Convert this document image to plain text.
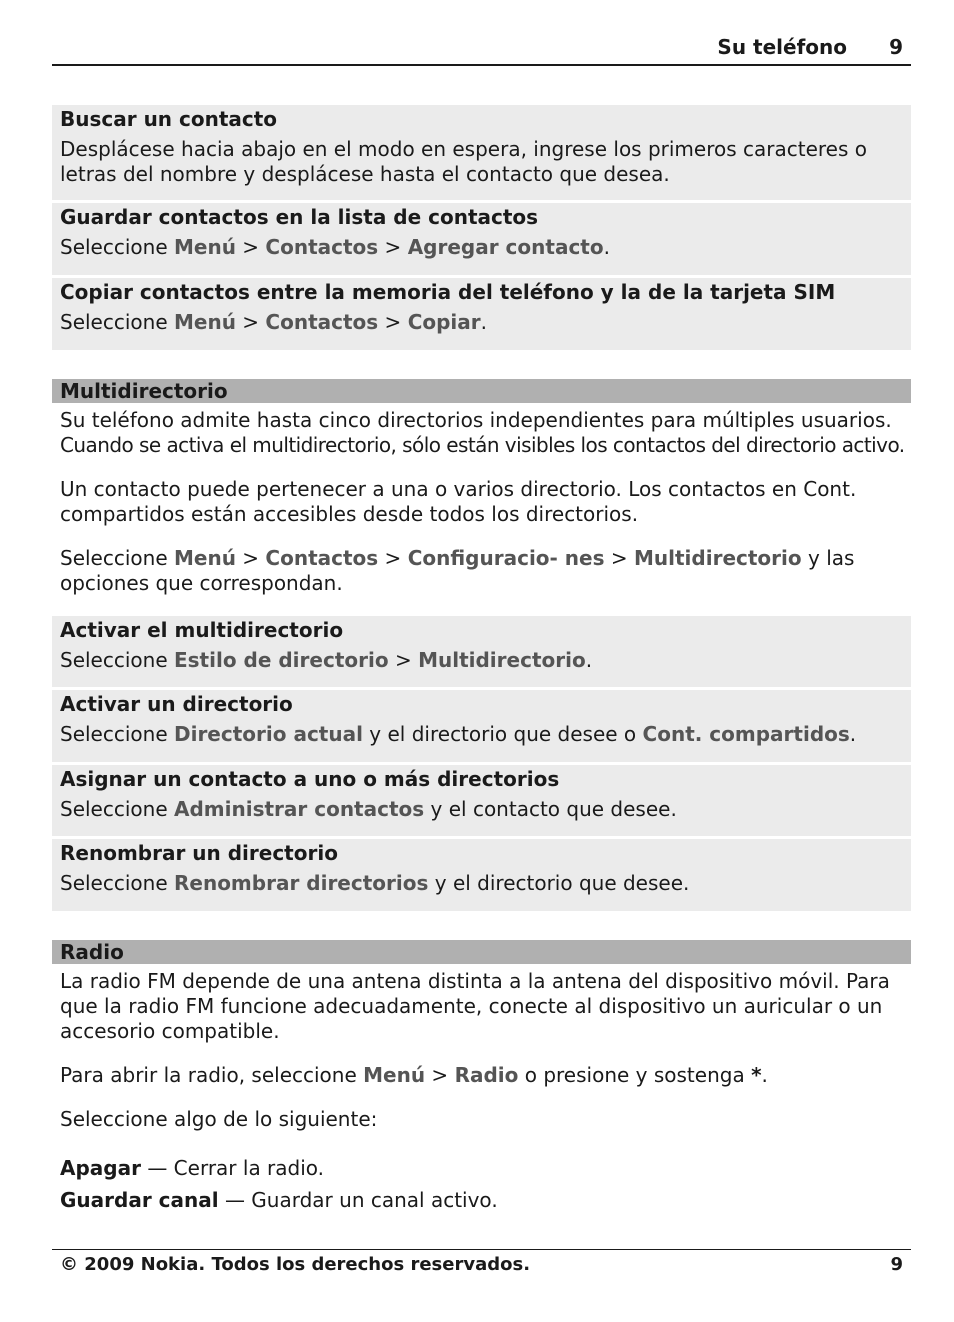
Su teléfono 9
Buscar un contacto
Desplácese hacia abajo en el modo en espera, ingrese los primeros caracteres o letras del nombre y desplácese hasta el contacto que desea.
Guardar contactos en la lista de contactos
Seleccione Menú > Contactos > Agregar contacto.
Copiar contactos entre la memoria del teléfono y la de la tarjeta SIM
Seleccione Menú > Contactos > Copiar.
Multidirectorio
Su teléfono admite hasta cinco directorios independientes para múltiples usuarios.
Cuando se activa el multidirectorio, sólo están visibles los contactos del directorio activo.
Un contacto puede pertenecer a una o varios directorio. Los contactos en Cont. compartidos están accesibles desde todos los directorios.
Seleccione Menú > Contactos > Configuracio- nes > Multidirectorio y las opciones que correspondan.
Activar el multidirectorio
Seleccione Estilo de directorio > Multidirectorio.
Activar un directorio
Seleccione Directorio actual y el directorio que desee o Cont. compartidos.
Asignar un contacto a uno o más directorios
Seleccione Administrar contactos y el contacto que desee.
Renombrar un directorio
Seleccione Renombrar directorios y el directorio que desee.
Radio
La radio FM depende de una antena distinta a la antena del dispositivo móvil. Para que la radio FM funcione adecuadamente, conecte al dispositivo un auricular o un accesorio compatible.
Para abrir la radio, seleccione Menú > Radio o presione y sostenga *.
Seleccione algo de lo siguiente:
Apagar — Cerrar la radio.
Guardar canal — Guardar un canal activo.
© 2009 Nokia. Todos los derechos reservados.	9
